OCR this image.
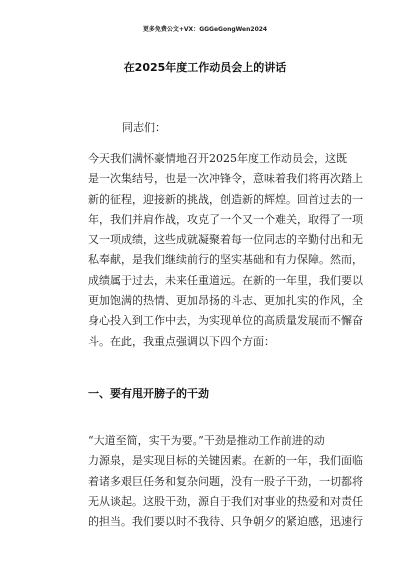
更多免费公文+VX：GGGeGongWen2024
在2025年度工作动员会上的讲话
同志们：

今天我们满怀豪情地召开2025年度工作动员会，这既

是一次集结号，也是一次冲锋令，意味着我们将再次踏上

新的征程，迎接新的挑战，创造新的辉煌。回首过去的一

年，我们并肩作战，攻克了一个又一个难关，取得了一项

又一项成绩，这些成就凝聚着每一位同志的辛勤付出和无

私奉献，是我们继续前行的坚实基础和有力保障。然而，

成绩属于过去，未来任重道远。在新的一年里，我们要以

更加饱满的热情、更加昂扬的斗志、更加扎实的作风，全

身心投入到工作中去，为实现单位的高质量发展而不懈奋

斗。在此，我重点强调以下四个方面：

一、要有甩开膀子的干劲

“大道至简，实干为要。”干劲是推动工作前进的动

力源泉，是实现目标的关键因素。在新的一年，我们面临

着诸多艰巨任务和复杂问题，没有一股子干劲，一切都将

无从谈起。这股干劲，源自于我们对事业的热爱和对责任

的担当。我们要以时不我待、只争朝夕的紧迫感，迅速行
